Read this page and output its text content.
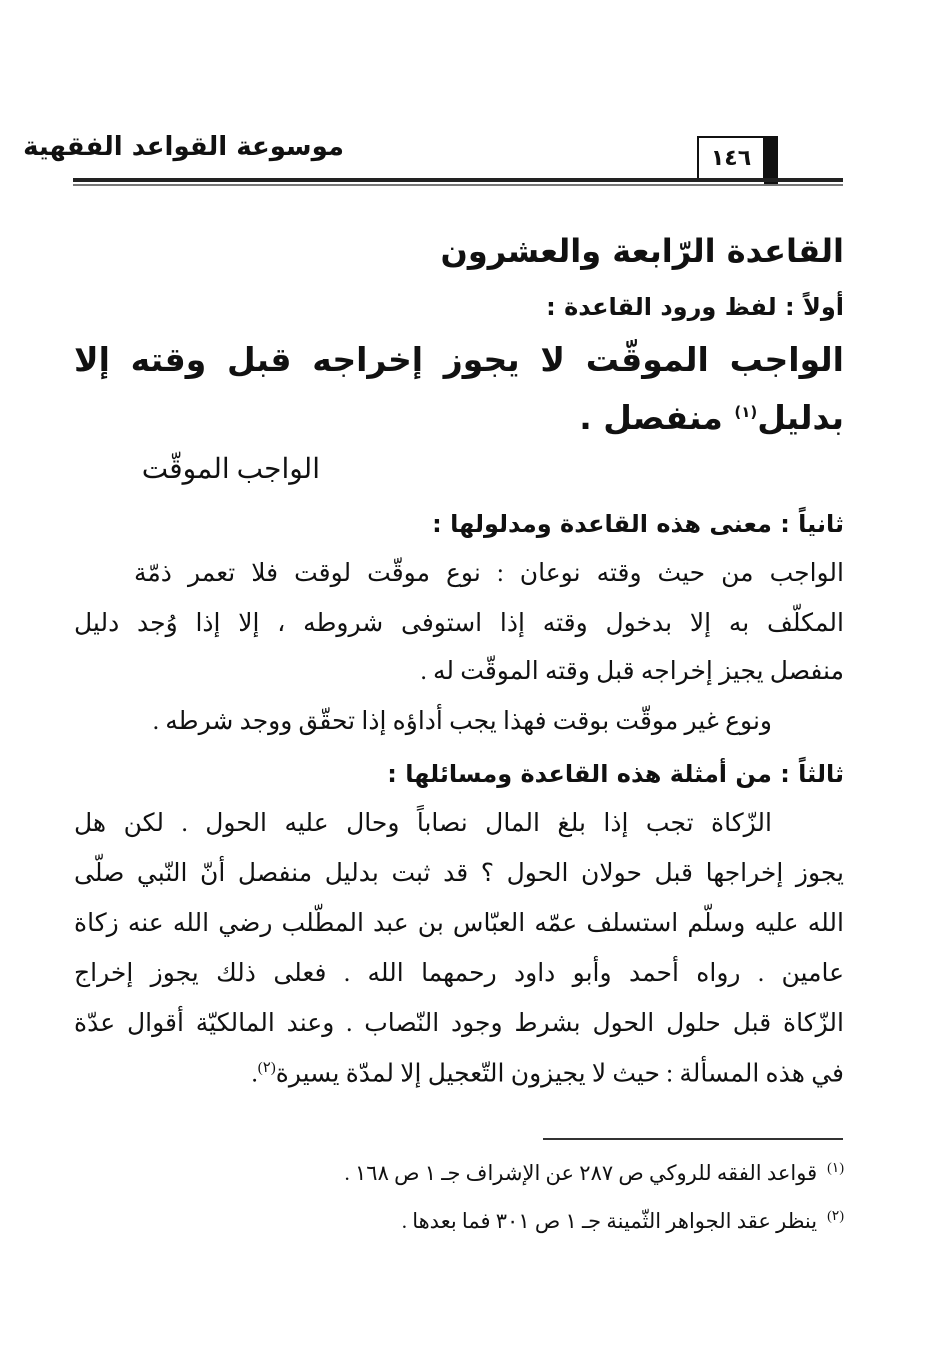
١٤٦
موسوعة القواعد الفقهية
القاعدة الرّابعة والعشرون
أولاً : لفظ ورود القاعدة :
الواجب الموقّت لا يجوز إخراجه قبل وقته إلا
بدليل$^{(١)}$ منفصل .
الواجب الموقّت
ثانياً : معنى هذه القاعدة ومدلولها :
الواجب من حيث وقته نوعان : نوع موقّت لوقت فلا تعمر ذمّة
المكلّف به إلا بدخول وقته إذا استوفى شروطه ، إلا إذا وُجد دليل
منفصل يجيز إخراجه قبل وقته الموقّت له .
ونوع غير موقّت بوقت فهذا يجب أداؤه إذا تحقّق ووجد شرطه .
ثالثاً : من أمثلة هذه القاعدة ومسائلها :
الزّكاة تجب إذا بلغ المال نصاباً وحال عليه الحول . لكن هل
يجوز إخراجها قبل حولان الحول ؟ قد ثبت بدليل منفصل أنّ النّبي صلّى
الله عليه وسلّم استسلف عمّه العبّاس بن عبد المطّلب رضي الله عنه زكاة
عامين . رواه أحمد وأبو داود رحمهما الله . فعلى ذلك يجوز إخراج
الزّكاة قبل حلول الحول بشرط وجود النّصاب . وعند المالكيّة أقوال عدّة
في هذه المسألة : حيث لا يجيزون التّعجيل إلا لمدّة يسيرة$^{(٢)}$.
$^{(١)}$قواعد الفقه للروكي ص ٢٨٧ عن الإشراف جـ ١ ص ١٦٨ .
$^{(٢)}$ينظر عقد الجواهر الثّمينة جـ ١ ص ٣٠١ فما بعدها .
